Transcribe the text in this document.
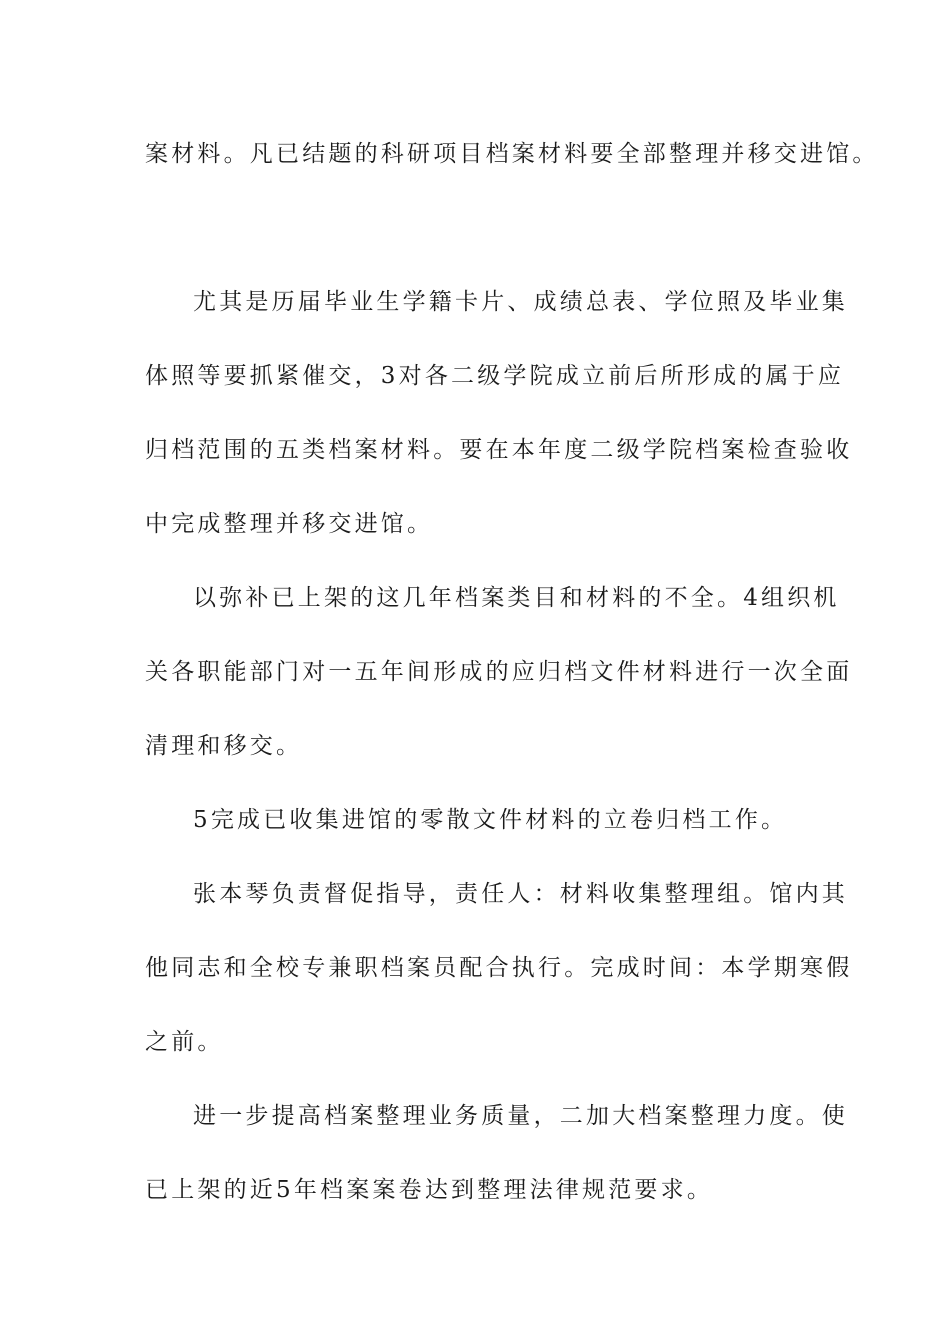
案材料。凡已结题的科研项目档案材料要全部整理并移交进馆。
尤其是历届毕业生学籍卡片、成绩总表、学位照及毕业集
体照等要抓紧催交，3对各二级学院成立前后所形成的属于应
归档范围的五类档案材料。要在本年度二级学院档案检查验收
中完成整理并移交进馆。
以弥补已上架的这几年档案类目和材料的不全。4组织机
关各职能部门对一五年间形成的应归档文件材料进行一次全面
清理和移交。
5完成已收集进馆的零散文件材料的立卷归档工作。
张本琴负责督促指导，责任人：材料收集整理组。馆内其
他同志和全校专兼职档案员配合执行。完成时间：本学期寒假
之前。
进一步提高档案整理业务质量，二加大档案整理力度。使
已上架的近5年档案案卷达到整理法律规范要求。
